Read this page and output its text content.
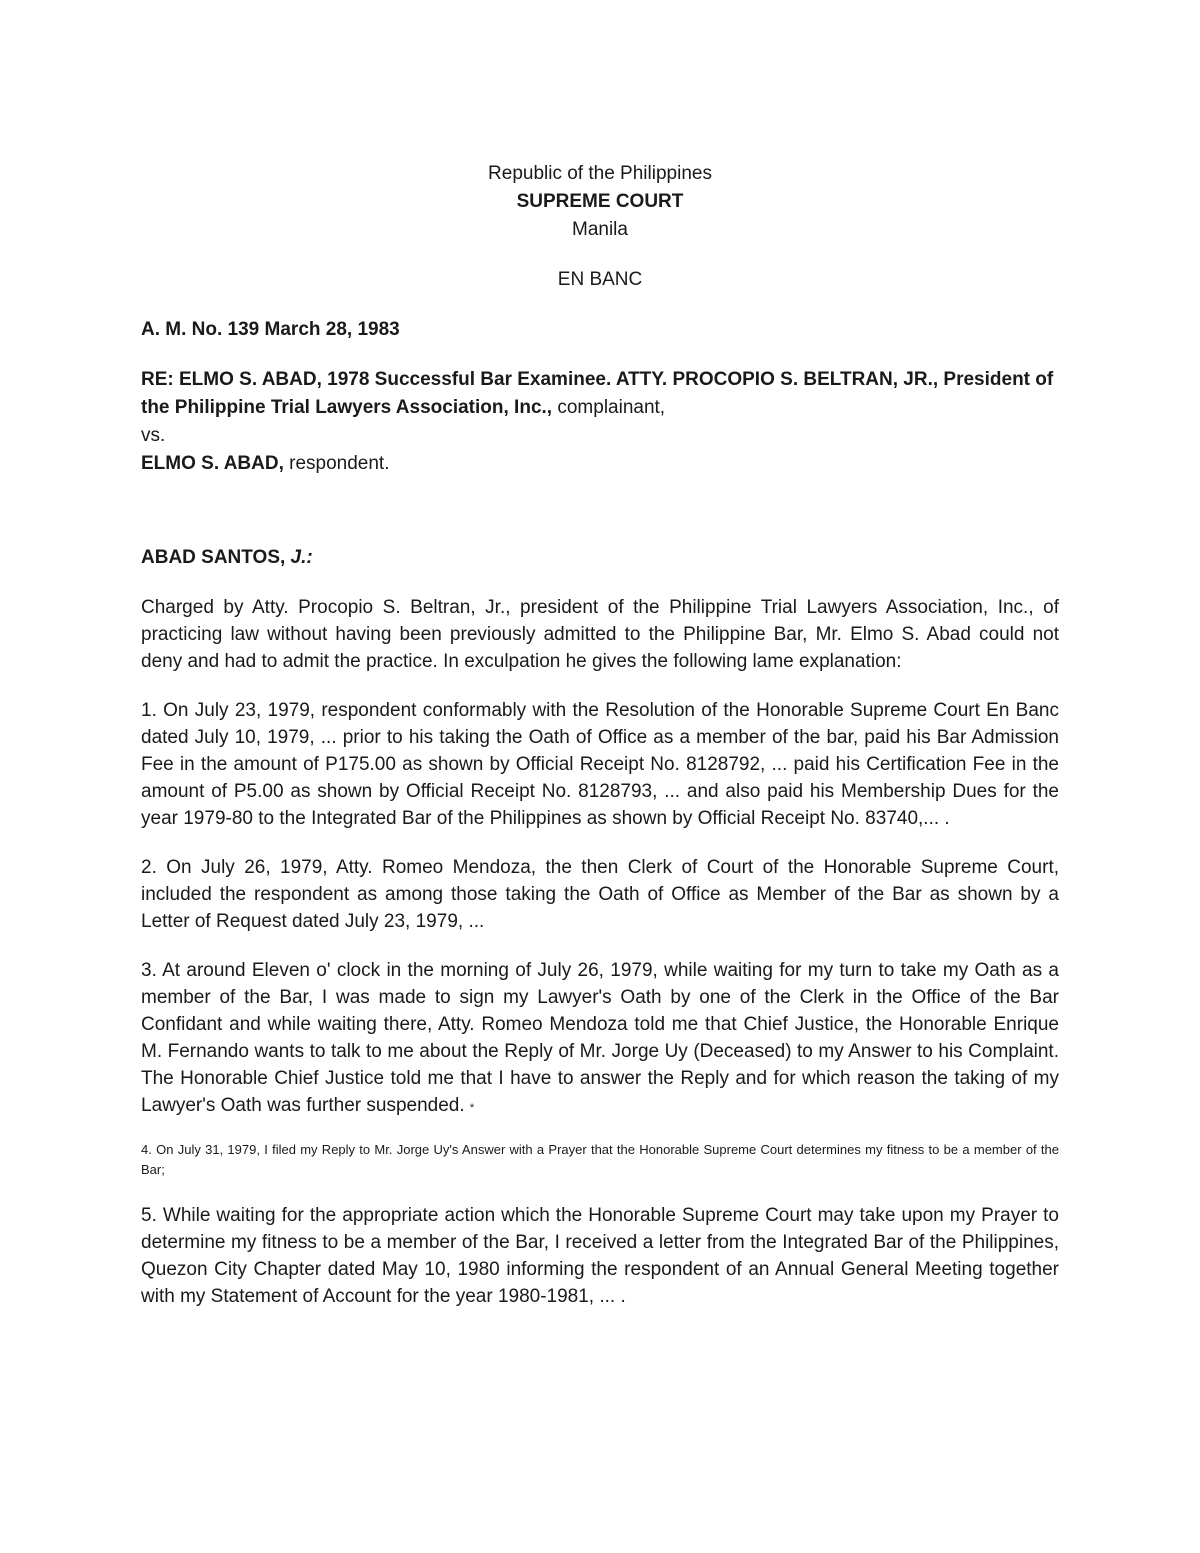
Republic of the Philippines
SUPREME COURT
Manila
EN BANC
A. M. No. 139 March 28, 1983
RE: ELMO S. ABAD, 1978 Successful Bar Examinee. ATTY. PROCOPIO S. BELTRAN, JR., President of the Philippine Trial Lawyers Association, Inc., complainant,
vs.
ELMO S. ABAD, respondent.
ABAD SANTOS, J.:

Charged by Atty. Procopio S. Beltran, Jr., president of the Philippine Trial Lawyers Association, Inc., of practicing law without having been previously admitted to the Philippine Bar, Mr. Elmo S. Abad could not deny and had to admit the practice. In exculpation he gives the following lame explanation:

1. On July 23, 1979, respondent conformably with the Resolution of the Honorable Supreme Court En Banc dated July 10, 1979, ... prior to his taking the Oath of Office as a member of the bar, paid his Bar Admission Fee in the amount of P175.00 as shown by Official Receipt No. 8128792, ... paid his Certification Fee in the amount of P5.00 as shown by Official Receipt No. 8128793, ... and also paid his Membership Dues for the year 1979-80 to the Integrated Bar of the Philippines as shown by Official Receipt No. 83740,... .

2. On July 26, 1979, Atty. Romeo Mendoza, the then Clerk of Court of the Honorable Supreme Court, included the respondent as among those taking the Oath of Office as Member of the Bar as shown by a Letter of Request dated July 23, 1979, ...

3. At around Eleven o' clock in the morning of July 26, 1979, while waiting for my turn to take my Oath as a member of the Bar, I was made to sign my Lawyer's Oath by one of the Clerk in the Office of the Bar Confidant and while waiting there, Atty. Romeo Mendoza told me that Chief Justice, the Honorable Enrique M. Fernando wants to talk to me about the Reply of Mr. Jorge Uy (Deceased) to my Answer to his Complaint. The Honorable Chief Justice told me that I have to answer the Reply and for which reason the taking of my Lawyer's Oath was further suspended. *

4. On July 31, 1979, I filed my Reply to Mr. Jorge Uy's Answer with a Prayer that the Honorable Supreme Court determines my fitness to be a member of the Bar;

5. While waiting for the appropriate action which the Honorable Supreme Court may take upon my Prayer to determine my fitness to be a member of the Bar, I received a letter from the Integrated Bar of the Philippines, Quezon City Chapter dated May 10, 1980 informing the respondent of an Annual General Meeting together with my Statement of Account for the year 1980-1981, ... .
